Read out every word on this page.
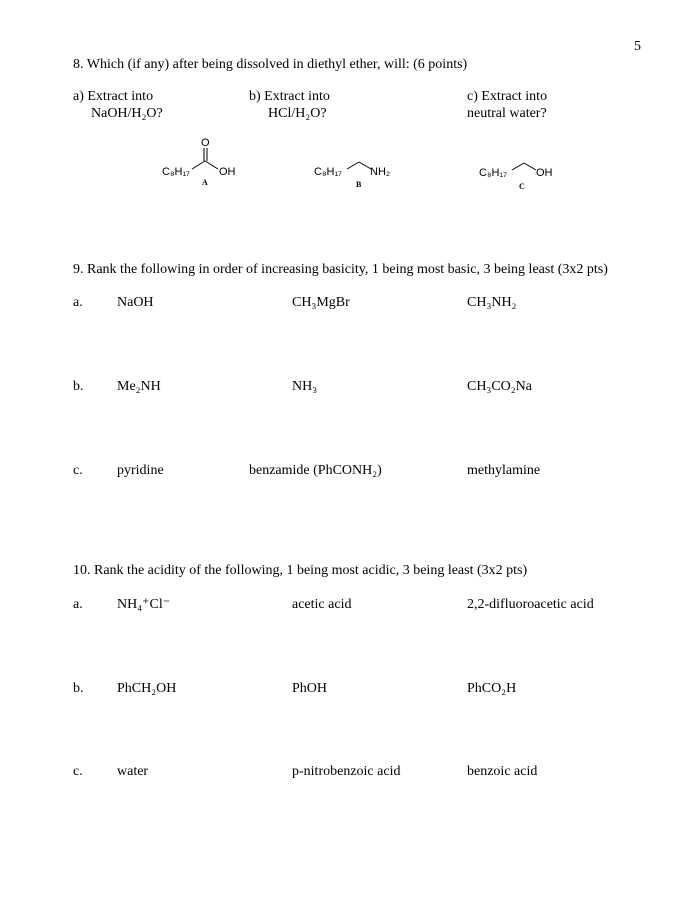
5
8. Which (if any) after being dissolved in diethyl ether, will: (6 points)
a) Extract into
NaOH/H₂O?
b) Extract into
HCl/H₂O?
c) Extract into
neutral water?
O
C₈H₁₇	OH
A
C₈H₁₇	NH₂
B
C₈H₁₇	OH
C
9. Rank the following in order of increasing basicity, 1 being most basic, 3 being least (3x2 pts)
a. NaOH	CH₃MgBr	CH₃NH₂
b. Me₂NH	NH₃	CH₃CO₂Na
c. pyridine	benzamide (PhCONH₂)	methylamine
10. Rank the acidity of the following, 1 being most acidic, 3 being least (3x2 pts)
a. NH₄⁺Cl⁻	acetic acid	2,2-difluoroacetic acid
b. PhCH₂OH	PhOH	PhCO₂H
c. water	p-nitrobenzoic acid	benzoic acid
